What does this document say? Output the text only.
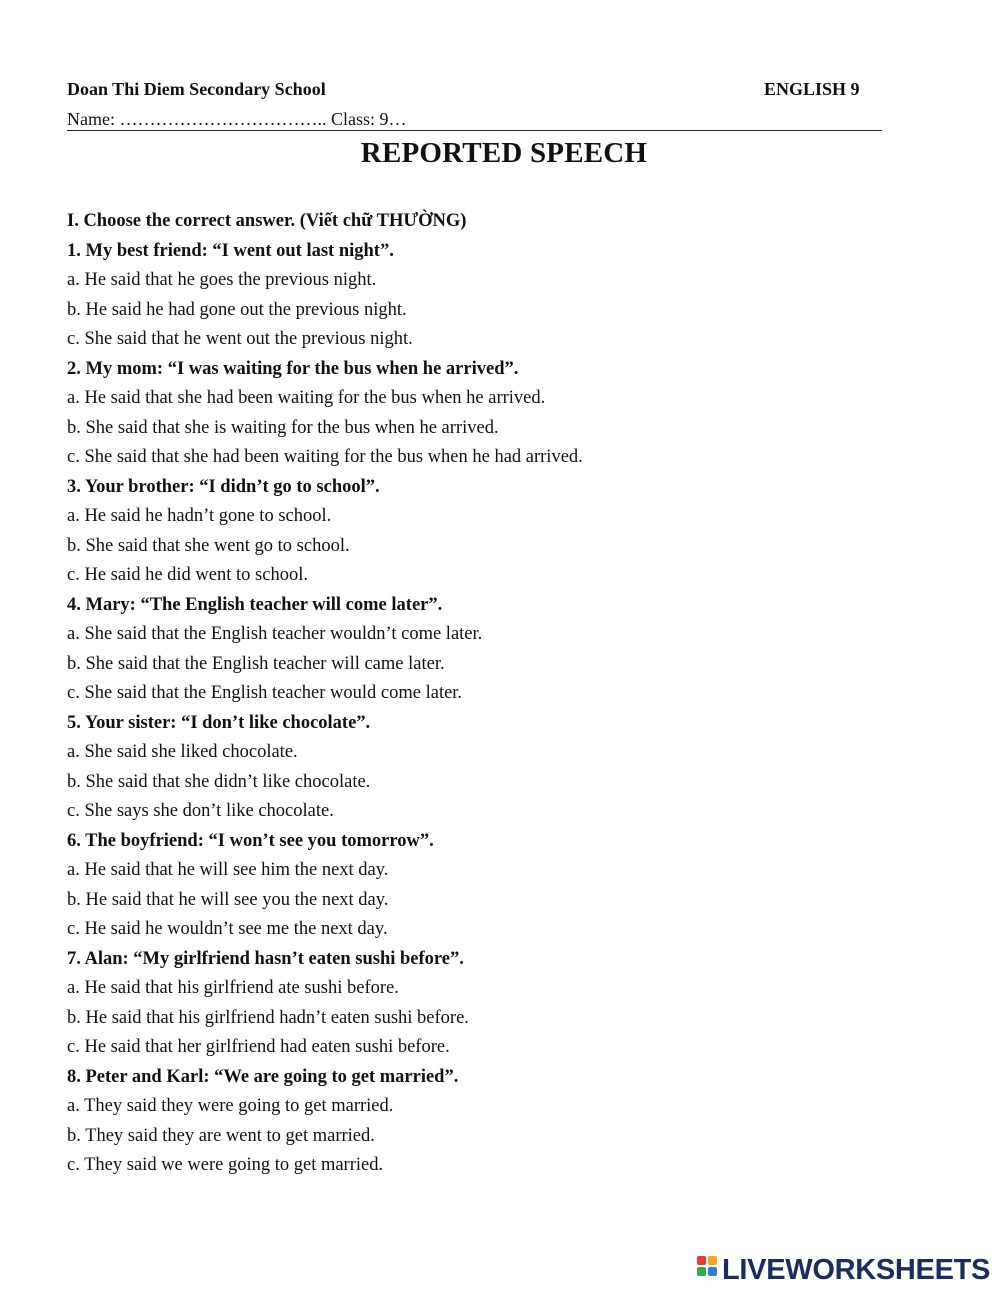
Doan Thi Diem Secondary School	ENGLISH 9
Name: …………………………….. Class: 9…
REPORTED SPEECH
I. Choose the correct answer. (Viết chữ THƯỜNG)
1. My best friend: “I went out last night”.
a. He said that he goes the previous night.
b. He said he had gone out the previous night.
c. She said that he went out the previous night.
2. My mom: “I was waiting for the bus when he arrived”.
a. He said that she had been waiting for the bus when he arrived.
b. She said that she is waiting for the bus when he arrived.
c. She said that she had been waiting for the bus when he had arrived.
3. Your brother: “I didn’t go to school”.
a. He said he hadn’t gone to school.
b. She said that she went go to school.
c. He said he did went to school.
4. Mary: “The English teacher will come later”.
a. She said that the English teacher wouldn’t come later.
b. She said that the English teacher will came later.
c. She said that the English teacher would come later.
5. Your sister: “I don’t like chocolate”.
a. She said she liked chocolate.
b. She said that she didn’t like chocolate.
c. She says she don’t like chocolate.
6. The boyfriend: “I won’t see you tomorrow”.
a. He said that he will see him the next day.
b. He said that he will see you the next day.
c. He said he wouldn’t see me the next day.
7. Alan: “My girlfriend hasn’t eaten sushi before”.
a. He said that his girlfriend ate sushi before.
b. He said that his girlfriend hadn’t eaten sushi before.
c. He said that her girlfriend had eaten sushi before.
8. Peter and Karl: “We are going to get married”.
a. They said they were going to get married.
b. They said they are went to get married.
c. They said we were going to get married.
LIVEWORKSHEETS
